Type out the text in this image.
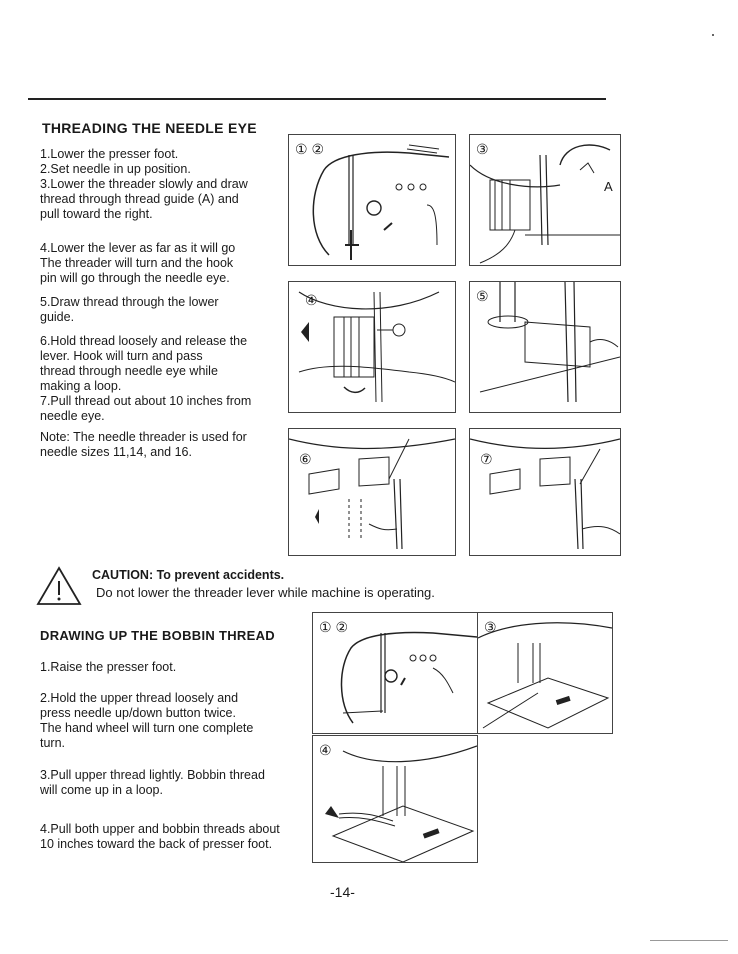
THREADING THE NEEDLE EYE
1.Lower the presser foot.
2.Set needle in up position.
3.Lower the threader slowly and draw
thread through thread guide (A) and
pull toward the right.
4.Lower the lever as far as it will go
The threader will turn and the hook
pin will go through the needle eye.
5.Draw thread through the lower
guide.
6.Hold thread loosely and release the
lever. Hook will turn and pass
thread through needle eye while
making a loop.
7.Pull thread out about 10 inches from
needle eye.
Note: The needle threader is used for
needle sizes 11,14, and 16.
① ②	③
A
④	⑤
⑥	⑦
CAUTION: To prevent accidents.
Do not lower the threader lever while machine is operating.
DRAWING UP THE BOBBIN THREAD
1.Raise the presser foot.
2.Hold the upper thread loosely and
press needle up/down button twice.
The hand wheel will turn one complete
turn.
3.Pull upper thread lightly. Bobbin thread
will come up in a loop.
4.Pull both upper and bobbin threads about
10 inches toward the back of presser foot.
① ②	③
④
-14-
